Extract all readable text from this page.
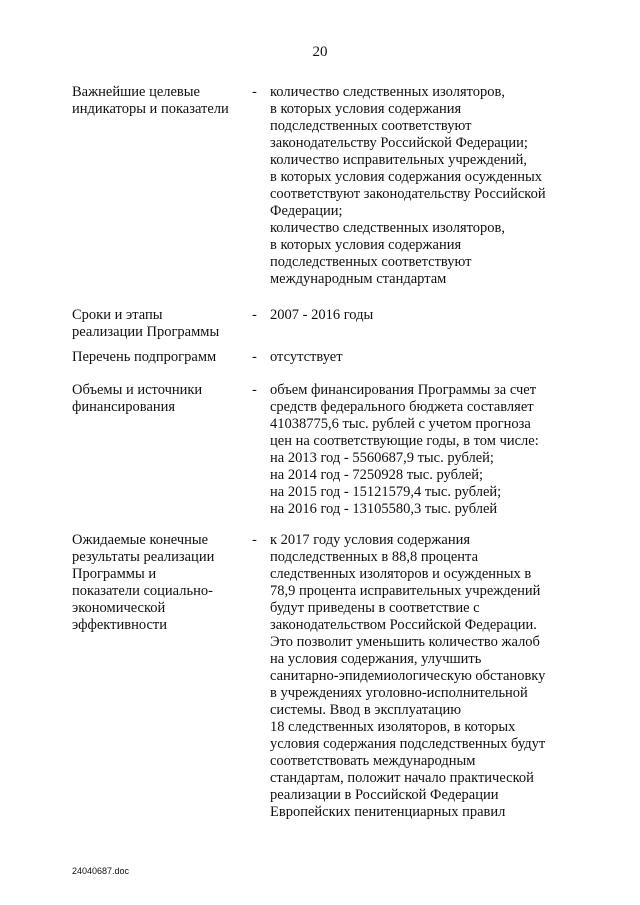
20
Важнейшие целевые
индикаторы и показатели
- количество следственных изоляторов,
в которых условия содержания
подследственных соответствуют
законодательству Российской Федерации;
количество исправительных учреждений,
в которых условия содержания осужденных
соответствуют законодательству Российской
Федерации;
количество следственных изоляторов,
в которых условия содержания
подследственных соответствуют
международным стандартам
Сроки и этапы
реализации Программы
- 2007 - 2016 годы
Перечень подпрограмм	- отсутствует
Объемы и источники
финансирования
- объем финансирования Программы за счет
средств федерального бюджета составляет
41038775,6 тыс. рублей с учетом прогноза
цен на соответствующие годы, в том числе:
на 2013 год - 5560687,9 тыс. рублей;
на 2014 год - 7250928 тыс. рублей;
на 2015 год - 15121579,4 тыс. рублей;
на 2016 год - 13105580,3 тыс. рублей
Ожидаемые конечные
результаты реализации
Программы и
показатели социально-
экономической
эффективности
- к 2017 году условия содержания
подследственных в 88,8 процента
следственных изоляторов и осужденных в
78,9 процента исправительных учреждений
будут приведены в соответствие с
законодательством Российской Федерации.
Это позволит уменьшить количество жалоб
на условия содержания, улучшить
санитарно-эпидемиологическую обстановку
в учреждениях уголовно-исполнительной
системы. Ввод в эксплуатацию
18 следственных изоляторов, в которых
условия содержания подследственных будут
соответствовать международным
стандартам, положит начало практической
реализации в Российской Федерации
Европейских пенитенциарных правил
24040687.doc
